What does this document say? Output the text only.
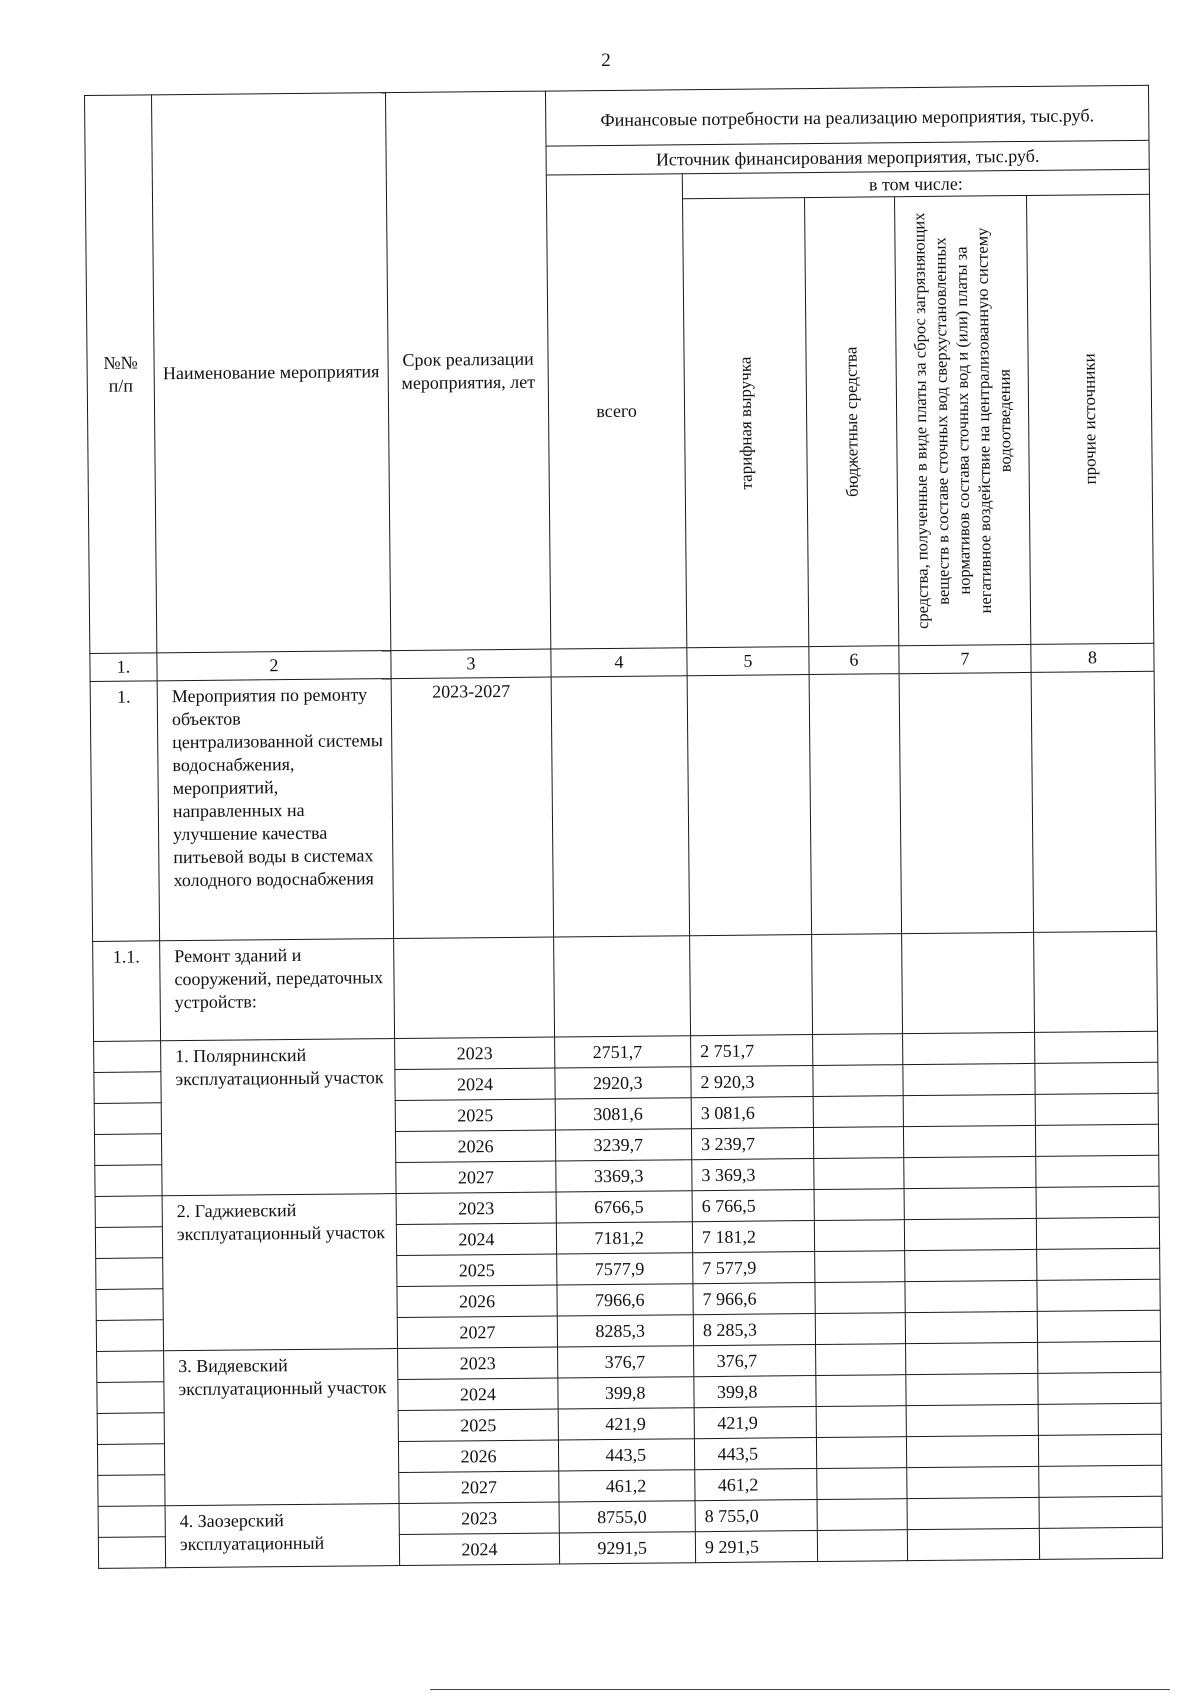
2
№№
п/п	Наименование мероприятия	Срок реализации мероприятия, лет	Финансовые потребности на реализацию мероприятия, тыс.руб.				
			Источник финансирования мероприятия, тыс.руб.				
			всего	в том числе:			

				тарифная выручка	бюджетные средства	средства, полученные в виде платы за сброс загрязняющих веществ в составе сточных вод сверхустановленных нормативов состава сточных вод и (или) платы за негативное воздействие на централизованную систему водоотведения	прочие источники

1.	2	3	4	5	6	7	8
1.	Мероприятия по ремонту объектов централизованной системы водоснабжения, мероприятий, направленных на улучшение качества питьевой воды в системах холодного водоснабжения	2023-2027					
1.1.	Ремонт зданий и сооружений, передаточных устройств:						
	1. Полярнинский эксплуатационный участок	2023	2751,7	2 751,7			
		2024	2920,3	2 920,3			
		2025	3081,6	3 081,6			
		2026	3239,7	3 239,7			
		2027	3369,3	3 369,3			
	2. Гаджиевский эксплуатационный участок	2023	6766,5	6 766,5			
		2024	7181,2	7 181,2			
		2025	7577,9	7 577,9			
		2026	7966,6	7 966,6			
		2027	8285,3	8 285,3			
	3. Видяевский эксплуатационный участок	2023	376,7	376,7			
		2024	399,8	399,8			
		2025	421,9	421,9			
		2026	443,5	443,5			
		2027	461,2	461,2			
	4. Заозерский эксплуатационный	2023	8755,0	8 755,0			
		2024	9291,5	9 291,5			
